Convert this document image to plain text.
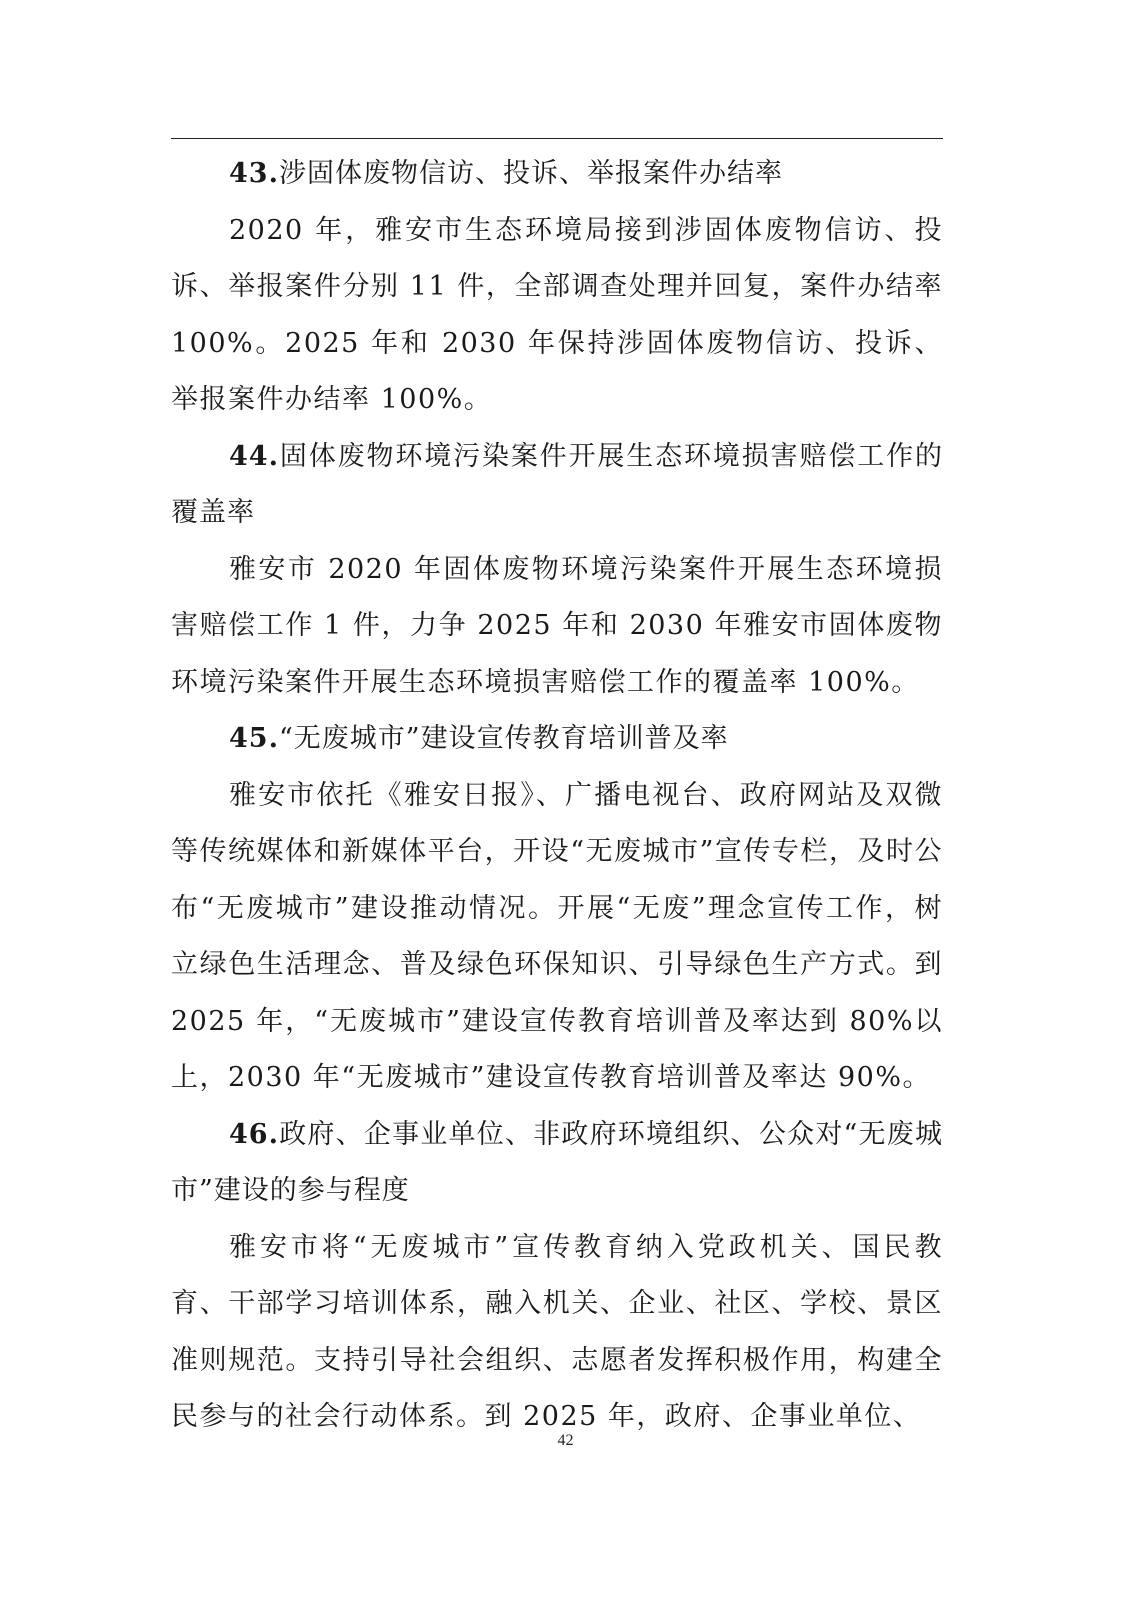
43.涉固体废物信访、投诉、举报案件办结率

2020 年，雅安市生态环境局接到涉固体废物信访、投诉、举报案件分别 11 件，全部调查处理并回复，案件办结率 100%。2025 年和 2030 年保持涉固体废物信访、投诉、举报案件办结率 100%。

44.固体废物环境污染案件开展生态环境损害赔偿工作的覆盖率

雅安市 2020 年固体废物环境污染案件开展生态环境损害赔偿工作 1 件，力争 2025 年和 2030 年雅安市固体废物环境污染案件开展生态环境损害赔偿工作的覆盖率 100%。

45.“无废城市”建设宣传教育培训普及率

雅安市依托《雅安日报》、广播电视台、政府网站及双微等传统媒体和新媒体平台，开设“无废城市”宣传专栏，及时公布“无废城市”建设推动情况。开展“无废”理念宣传工作，树立绿色生活理念、普及绿色环保知识、引导绿色生产方式。到 2025 年，“无废城市”建设宣传教育培训普及率达到 80%以上，2030 年“无废城市”建设宣传教育培训普及率达 90%。

46.政府、企事业单位、非政府环境组织、公众对“无废城市”建设的参与程度

雅安市将“无废城市”宣传教育纳入党政机关、国民教育、干部学习培训体系，融入机关、企业、社区、学校、景区准则规范。支持引导社会组织、志愿者发挥积极作用，构建全民参与的社会行动体系。到 2025 年，政府、企事业单位、

42
